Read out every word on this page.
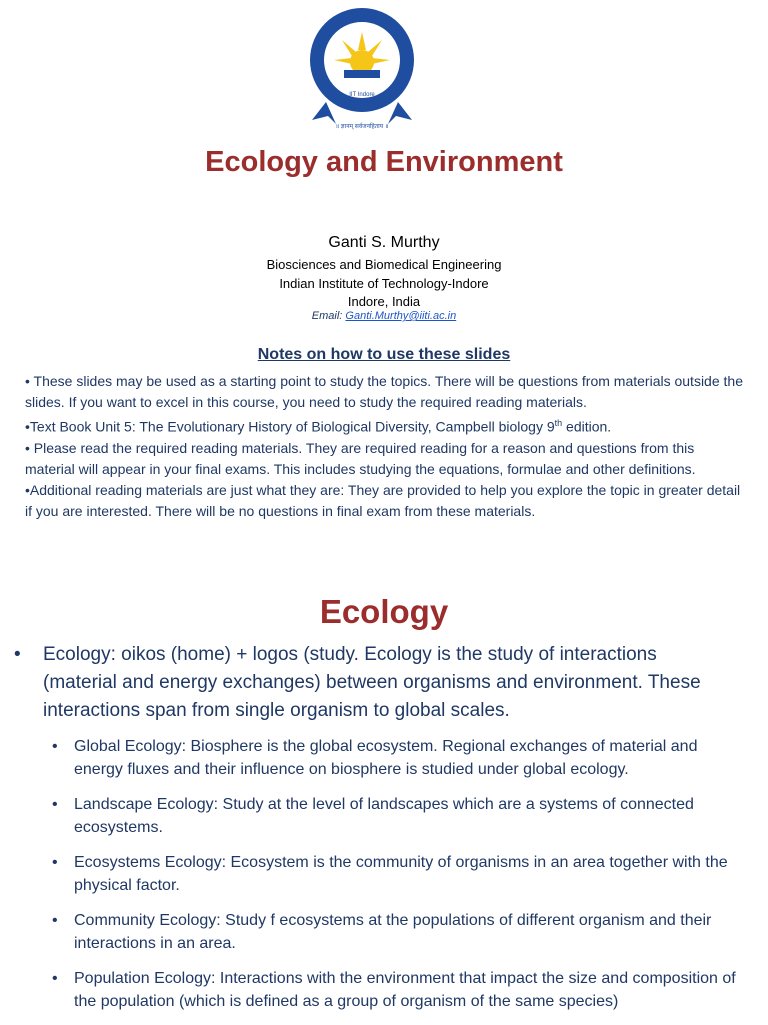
IIT Indore
॥ ज्ञानम् सर्वजनहिताय ॥
Ecology and Environment
Ganti S. Murthy
Biosciences and Biomedical Engineering
Indian Institute of Technology-Indore
Indore, India
Email: Ganti.Murthy@iiti.ac.in
Notes on how to use these slides

• These slides may be used as a starting point to study the topics. There will be questions from materials outside the slides. If you want to excel in this course, you need to study the required reading materials.

•Text Book Unit 5: The Evolutionary History of Biological Diversity, Campbell biology 9th edition.

• Please read the required reading materials. They are required reading for a reason and questions from this material will appear in your final exams. This includes studying the equations, formulae and other definitions.

•Additional reading materials are just what they are: They are provided to help you explore the topic in greater detail if you are interested. There will be no questions in final exam from these materials.

Ecology
•	Ecology: oikos (home) + logos (study. Ecology is the study of interactions (material and energy exchanges) between organisms and environment. These interactions span from single organism to global scales.
•	Global Ecology: Biosphere is the global ecosystem. Regional exchanges of material and energy fluxes and their influence on biosphere is studied under global ecology.
•	Landscape Ecology: Study at the level of landscapes which are a systems of connected ecosystems.
•	Ecosystems Ecology: Ecosystem is the community of organisms in an area together with the physical factor.
•	Community Ecology: Study f ecosystems at the populations of different organism and their interactions in an area.
•	Population Ecology: Interactions with the environment that impact the size and composition of the population (which is defined as a group of organism of the same species)
